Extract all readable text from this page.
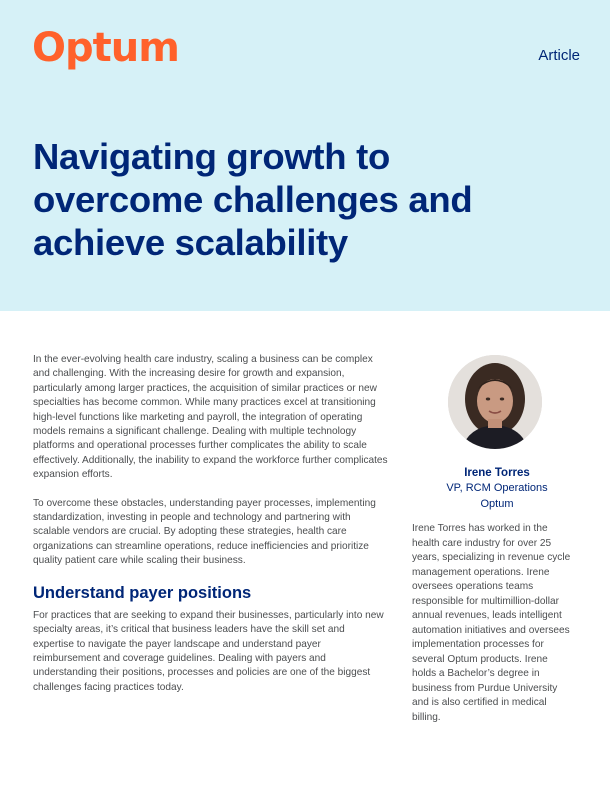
Optum	Article
Navigating growth to overcome challenges and achieve scalability

In the ever-evolving health care industry, scaling a business can be complex and challenging. With the increasing desire for growth and expansion, particularly among larger practices, the acquisition of similar practices or new specialties has become common. While many practices excel at transitioning high-level functions like marketing and payroll, the integration of operating models remains a significant challenge. Dealing with multiple technology platforms and operational processes further complicates the ability to scale effectively. Additionally, the inability to expand the workforce further complicates expansion efforts.

To overcome these obstacles, understanding payer processes, implementing standardization, investing in people and technology and partnering with scalable vendors are crucial. By adopting these strategies, health care organizations can streamline operations, reduce inefficiencies and prioritize quality patient care while scaling their business.

Understand payer positions

For practices that are seeking to expand their businesses, particularly into new specialty areas, it’s critical that business leaders have the skill set and expertise to navigate the payer landscape and understand payer reimbursement and coverage guidelines. Dealing with payers and understanding their positions, processes and policies are one of the biggest challenges facing practices today.

Irene Torres
VP, RCM Operations
Optum

Irene Torres has worked in the health care industry for over 25 years, specializing in revenue cycle management operations. Irene oversees operations teams responsible for multimillion-dollar annual revenues, leads intelligent automation initiatives and oversees implementation processes for several Optum products. Irene holds a Bachelor’s degree in business from Purdue University and is also certified in medical billing.
